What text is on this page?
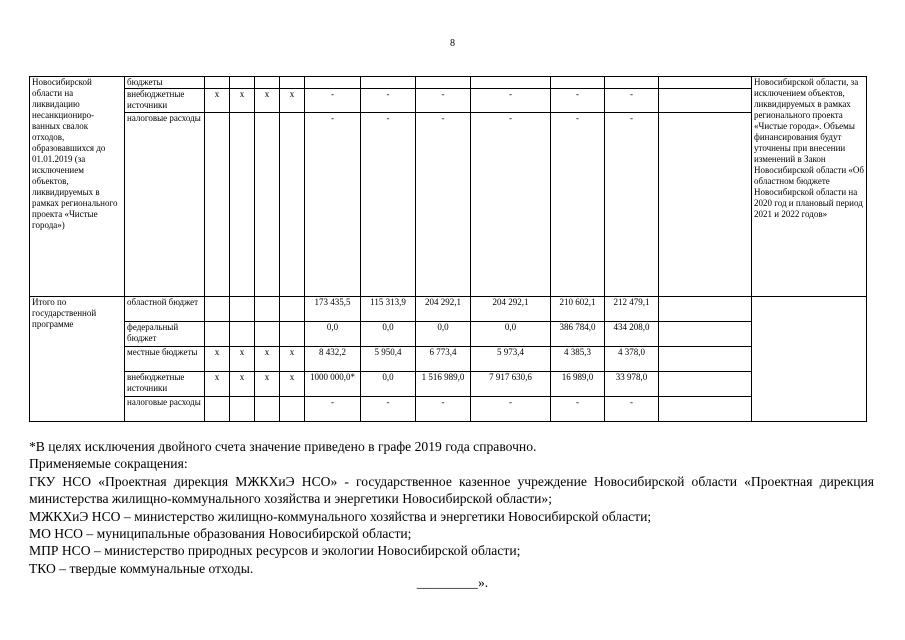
8
Новосибирской области на ликвидацию несанкциониро-ванных свалок отходов, образовавшихся до 01.01.2019 (за исключением объектов, ликвидируемых в рамках регионального проекта «Чистые города»)	бюджеты												Новосибирской области, за исключением объектов, ликвидируемых в рамках регионального проекта «Чистые города». Объемы финансирования будут уточнены при внесении изменений в Закон Новосибирской области «Об областном бюджете Новосибирской области на 2020 год и плановый период 2021 и 2022 годов»
	внебюджетные источники	x	x	x	x	-	-	-	-	-	-		
	налоговые расходы					-	-	-	-	-	-		
Итого по государственной программе	областной бюджет					173 435,5	115 313,9	204 292,1	204 292,1	210 602,1	212 479,1		
	федеральный бюджет					0,0	0,0	0,0	0,0	386 784,0	434 208,0		
	местные бюджеты	x	x	x	x	8 432,2	5 950,4	6 773,4	5 973,4	4 385,3	4 378,0		
	внебюджетные источники	x	x	x	x	1000 000,0*	0,0	1 516 989,0	7 917 630,6	16 989,0	33 978,0		
	налоговые расходы					-	-	-	-	-	-		

*В целях исключения двойного счета значение приведено в графе 2019 года справочно.

Применяемые сокращения:

ГКУ НСО «Проектная дирекция МЖКХиЭ НСО» - государственное казенное учреждение Новосибирской области «Проектная дирекция министерства жилищно-коммунального хозяйства и энергетики Новосибирской области»;

МЖКХиЭ НСО – министерство жилищно-коммунального хозяйства и энергетики Новосибирской области;

МО НСО – муниципальные образования Новосибирской области;

МПР НСО – министерство природных ресурсов и экологии Новосибирской области;

ТКО – твердые коммунальные отходы.

_________».
